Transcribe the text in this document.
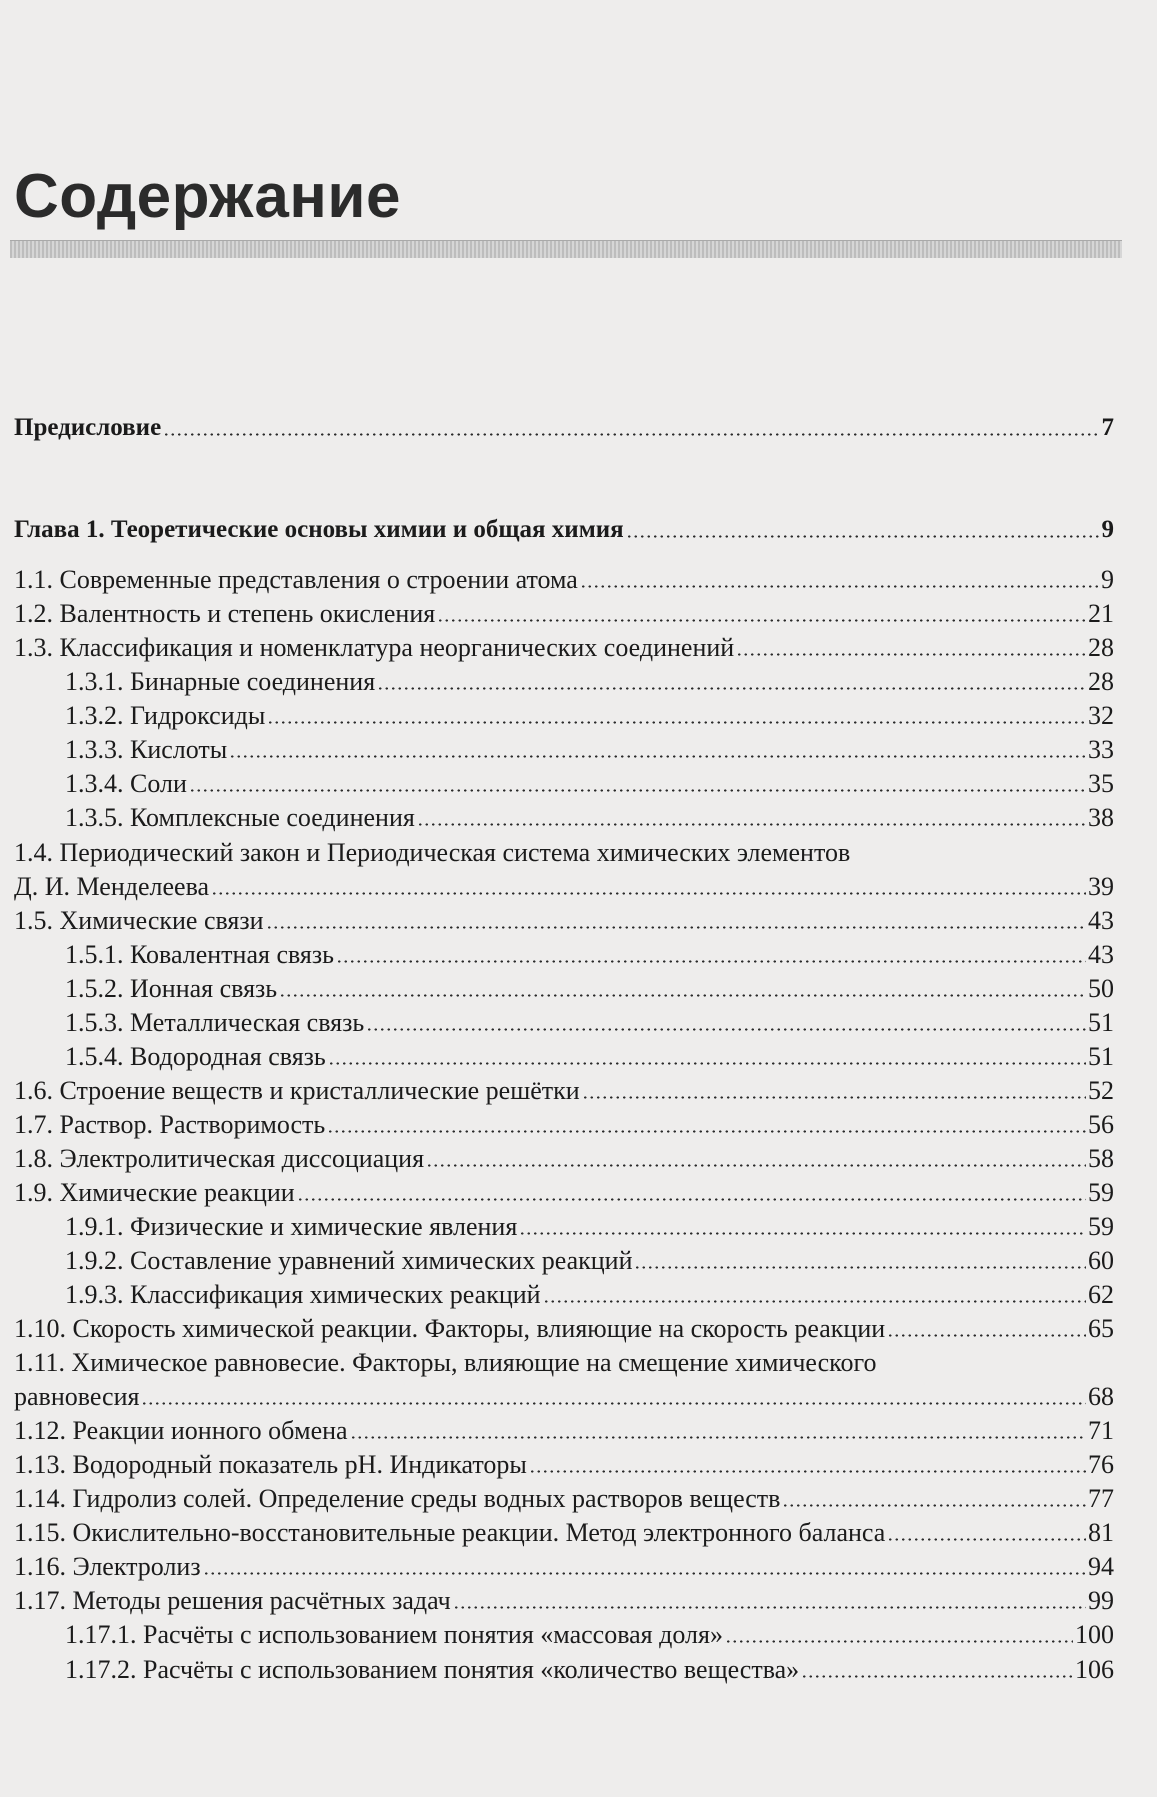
Содержание
Предисловие	7
Глава 1. Теоретические основы химии и общая химия	9
1.1. Современные представления о строении атома	9
1.2. Валентность и степень окисления	21
1.3. Классификация и номенклатура неорганических соединений	28
1.3.1. Бинарные соединения	28
1.3.2. Гидроксиды	32
1.3.3. Кислоты	33
1.3.4. Соли	35
1.3.5. Комплексные соединения	38
1.4. Периодический закон и Периодическая система химических элементов
Д. И. Менделеева	39
1.5. Химические связи	43
1.5.1. Ковалентная связь	43
1.5.2. Ионная связь	50
1.5.3. Металлическая связь	51
1.5.4. Водородная связь	51
1.6. Строение веществ и кристаллические решётки	52
1.7. Раствор. Растворимость	56
1.8. Электролитическая диссоциация	58
1.9. Химические реакции	59
1.9.1. Физические и химические явления	59
1.9.2. Составление уравнений химических реакций	60
1.9.3. Классификация химических реакций	62
1.10. Скорость химической реакции. Факторы, влияющие на скорость реакции	65
1.11. Химическое равновесие. Факторы, влияющие на смещение химического
равновесия	68
1.12. Реакции ионного обмена	71
1.13. Водородный показатель pH. Индикаторы	76
1.14. Гидролиз солей. Определение среды водных растворов веществ	77
1.15. Окислительно-восстановительные реакции. Метод электронного баланса	81
1.16. Электролиз	94
1.17. Методы решения расчётных задач	99
1.17.1. Расчёты с использованием понятия «массовая доля»	100
1.17.2. Расчёты с использованием понятия «количество вещества»	106
